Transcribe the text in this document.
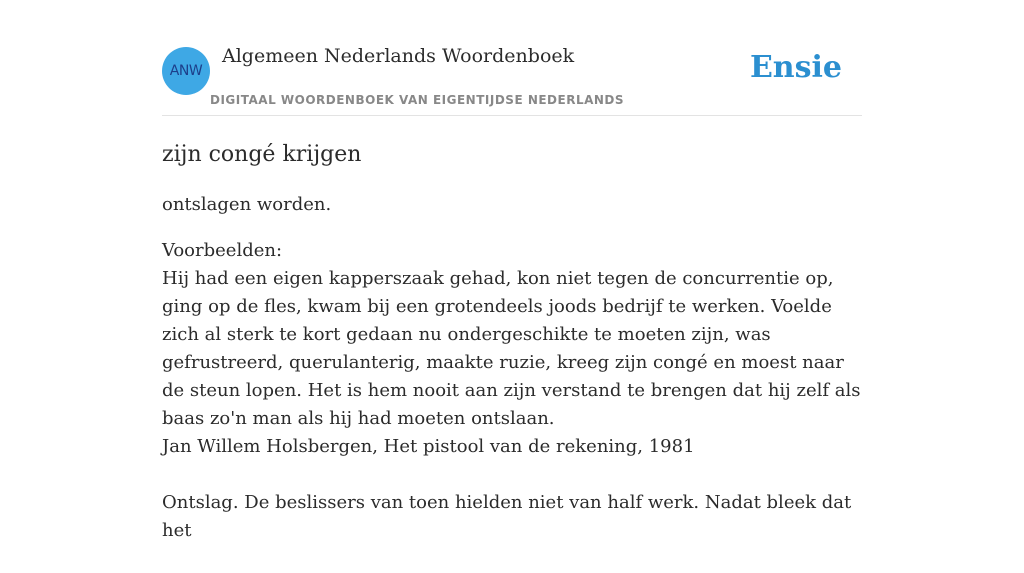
ANW
Algemeen Nederlands Woordenboek
DIGITAAL WOORDENBOEK VAN EIGENTIJDSE NEDERLANDS
Ensie
zijn congé krijgen
ontslagen worden.
Voorbeelden:
Hij had een eigen kapperszaak gehad, kon niet tegen de concurrentie op, ging op de fles, kwam bij een grotendeels joods bedrijf te werken. Voelde zich al sterk te kort gedaan nu ondergeschikte te moeten zijn, was gefrustreerd, querulanterig, maakte ruzie, kreeg zijn congé en moest naar de steun lopen. Het is hem nooit aan zijn verstand te brengen dat hij zelf als baas zo'n man als hij had moeten ontslaan.
Jan Willem Holsbergen, Het pistool van de rekening, 1981
Ontslag. De beslissers van toen hielden niet van half werk. Nadat bleek dat het
